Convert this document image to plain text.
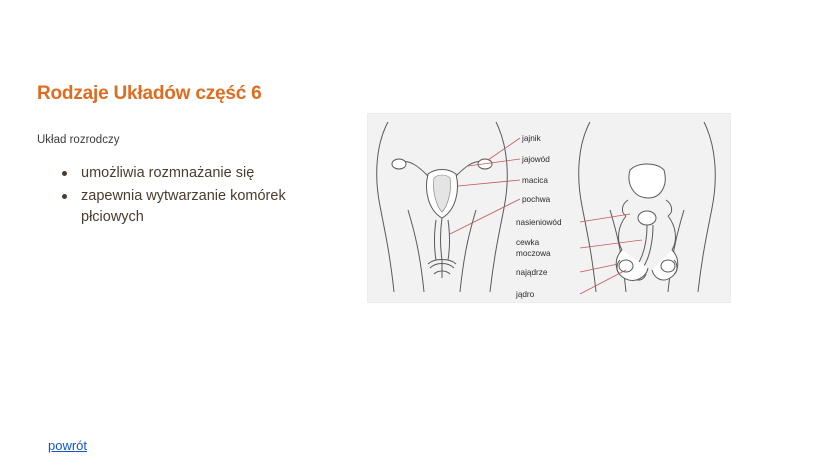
Rodzaje Układów część 6
Układ rozrodczy
umożliwia rozmnażanie się
zapewnia wytwarzanie komórek płciowych
jajnik
jajowód
macica
pochwa
nasieniowód
cewka
moczowa
najądrze
jądro
powrót
